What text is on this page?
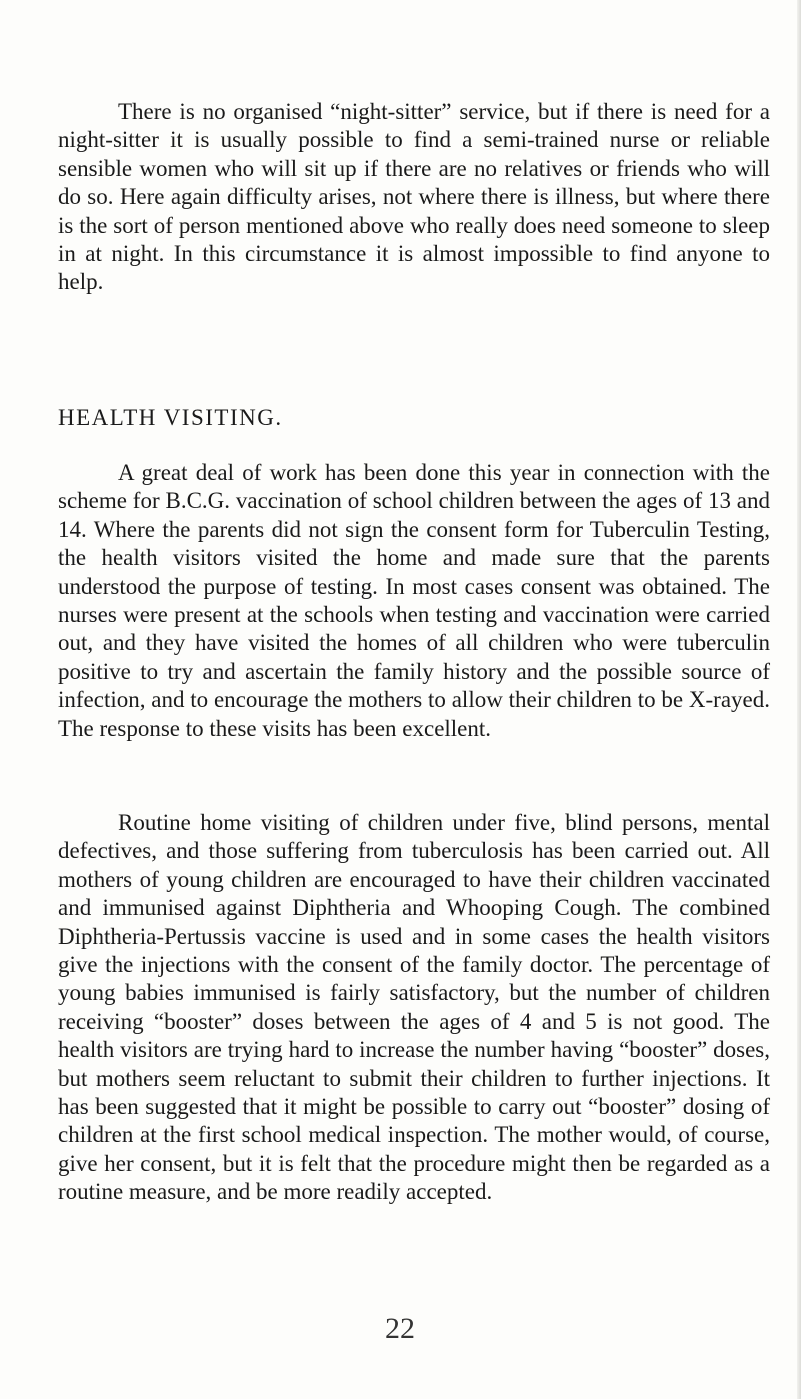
There is no organised “night-sitter” service, but if there is need for a night-sitter it is usually possible to find a semi-trained nurse or reliable sensible women who will sit up if there are no relatives or friends who will do so. Here again difficulty arises, not where there is illness, but where there is the sort of person mentioned above who really does need someone to sleep in at night. In this circumstance it is almost impossible to find anyone to help.

HEALTH VISITING.

A great deal of work has been done this year in connection with the scheme for B.C.G. vaccination of school children between the ages of 13 and 14. Where the parents did not sign the consent form for Tuberculin Testing, the health visitors visited the home and made sure that the parents understood the purpose of testing. In most cases consent was obtained. The nurses were present at the schools when testing and vaccination were carried out, and they have visited the homes of all children who were tuberculin positive to try and ascertain the family history and the possible source of infection, and to encourage the mothers to allow their children to be X-rayed. The response to these visits has been excellent.

Routine home visiting of children under five, blind persons, mental defectives, and those suffering from tuberculosis has been carried out. All mothers of young children are encouraged to have their children vaccinated and immunised against Diphtheria and Whooping Cough. The combined Diphtheria-Pertussis vaccine is used and in some cases the health visitors give the injections with the consent of the family doctor. The percentage of young babies immunised is fairly satisfactory, but the number of children receiving “booster” doses between the ages of 4 and 5 is not good. The health visitors are trying hard to increase the number having “booster” doses, but mothers seem reluctant to submit their children to further injections. It has been suggested that it might be possible to carry out “booster” dosing of children at the first school medical inspection. The mother would, of course, give her consent, but it is felt that the procedure might then be regarded as a routine measure, and be more readily accepted.

22
